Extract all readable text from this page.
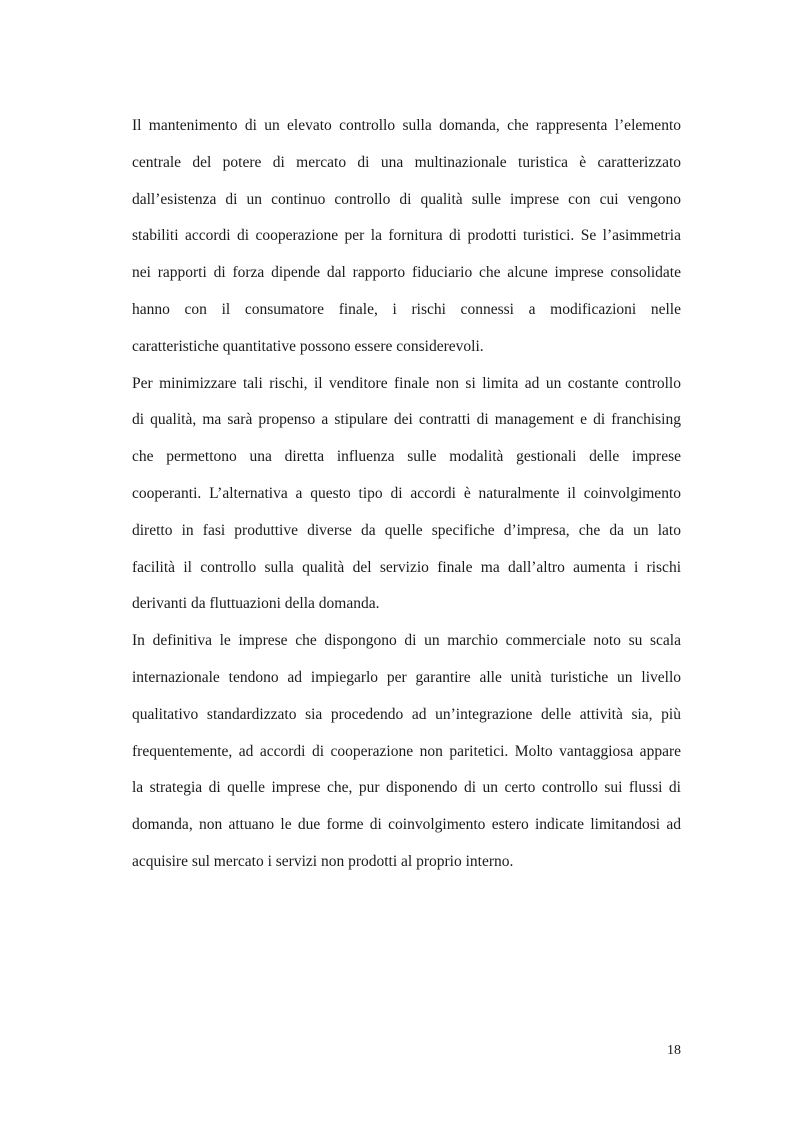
Il mantenimento di un elevato controllo sulla domanda, che rappresenta l’elemento
centrale del potere di mercato di una multinazionale turistica è caratterizzato
dall’esistenza di un continuo controllo di qualità sulle imprese con cui vengono
stabiliti accordi di cooperazione per la fornitura di prodotti turistici. Se l’asimmetria
nei rapporti di forza dipende dal rapporto fiduciario che alcune imprese consolidate
hanno con il consumatore finale, i rischi connessi a modificazioni nelle
caratteristiche quantitative possono essere considerevoli.

Per minimizzare tali rischi, il venditore finale non si limita ad un costante controllo
di qualità, ma sarà propenso a stipulare dei contratti di management e di franchising
che permettono una diretta influenza sulle modalità gestionali delle imprese
cooperanti. L’alternativa a questo tipo di accordi è naturalmente il coinvolgimento
diretto in fasi produttive diverse da quelle specifiche d’impresa, che da un lato
facilità il controllo sulla qualità del servizio finale ma dall’altro aumenta i rischi
derivanti da fluttuazioni della domanda.

In definitiva le imprese che dispongono di un marchio commerciale noto su scala
internazionale tendono ad impiegarlo per garantire alle unità turistiche un livello
qualitativo standardizzato sia procedendo ad un’integrazione delle attività sia, più
frequentemente, ad accordi di cooperazione non paritetici. Molto vantaggiosa appare
la strategia di quelle imprese che, pur disponendo di un certo controllo sui flussi di
domanda, non attuano le due forme di coinvolgimento estero indicate limitandosi ad
acquisire sul mercato i servizi non prodotti al proprio interno.

18
